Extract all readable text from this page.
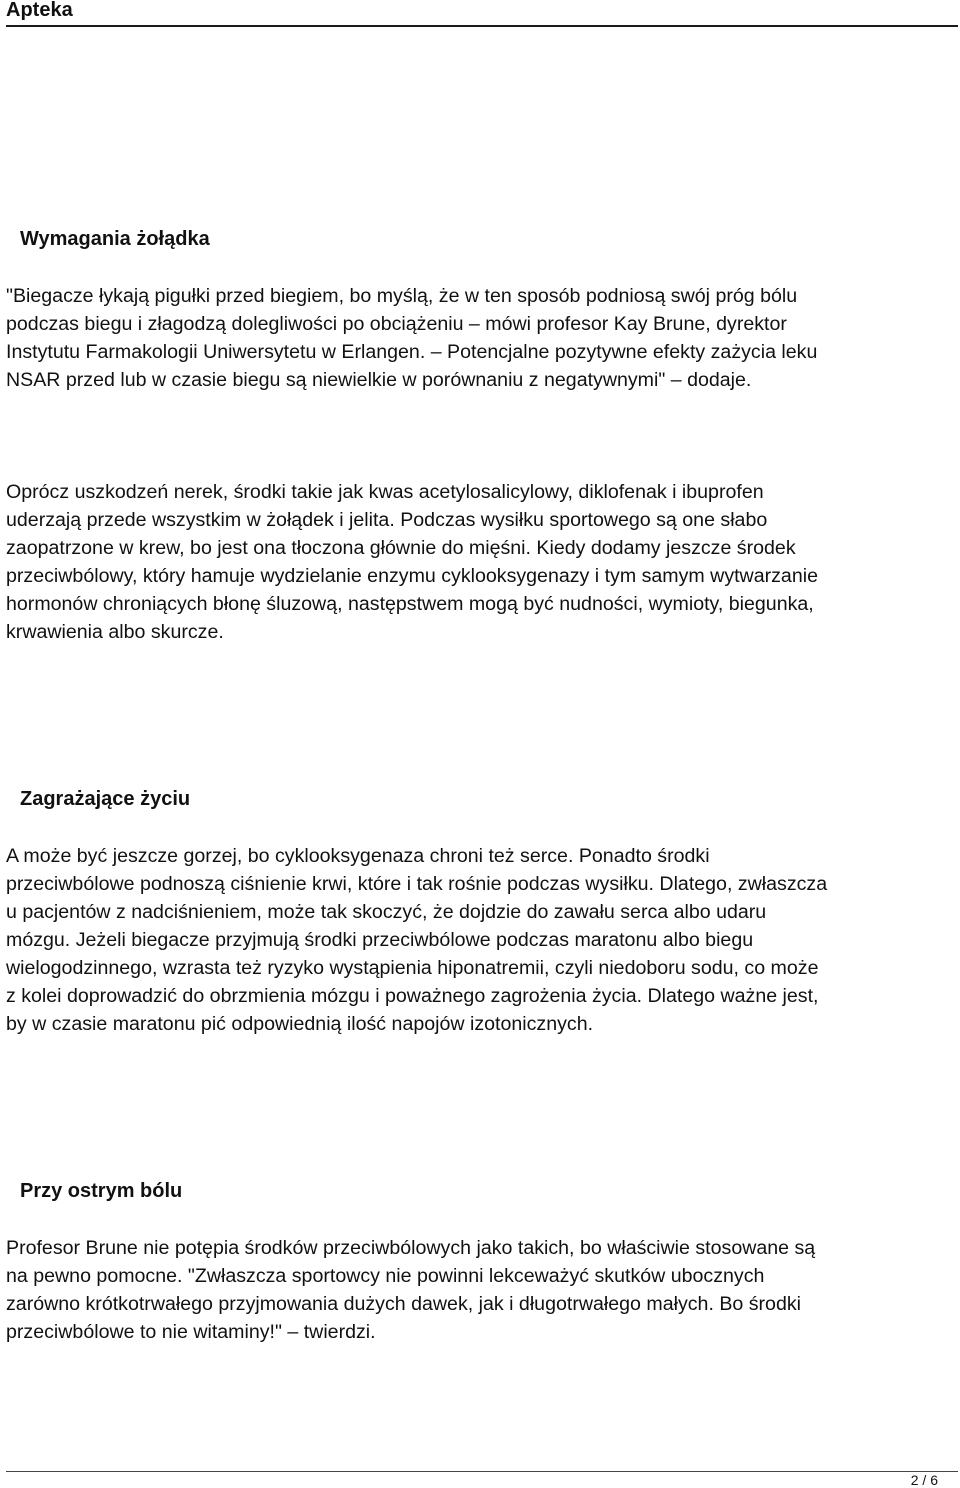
Apteka
Wymagania żołądka
"Biegacze łykają pigułki przed biegiem, bo myślą, że w ten sposób podniosą swój próg bólu
podczas biegu i złagodzą dolegliwości po obciążeniu – mówi profesor Kay Brune, dyrektor
Instytutu Farmakologii Uniwersytetu w Erlangen. – Potencjalne pozytywne efekty zażycia leku
NSAR przed lub w czasie biegu są niewielkie w porównaniu z negatywnymi" – dodaje.
Oprócz uszkodzeń nerek, środki takie jak kwas acetylosalicylowy, diklofenak i ibuprofen
uderzają przede wszystkim w żołądek i jelita. Podczas wysiłku sportowego są one słabo
zaopatrzone w krew, bo jest ona tłoczona głównie do mięśni. Kiedy dodamy jeszcze środek
przeciwbólowy, który hamuje wydzielanie enzymu cyklooksygenazy i tym samym wytwarzanie
hormonów chroniących błonę śluzową, następstwem mogą być nudności, wymioty, biegunka,
krwawienia albo skurcze.
Zagrażające życiu
A może być jeszcze gorzej, bo cyklooksygenaza chroni też serce. Ponadto środki
przeciwbólowe podnoszą ciśnienie krwi, które i tak rośnie podczas wysiłku. Dlatego, zwłaszcza
u pacjentów z nadciśnieniem, może tak skoczyć, że dojdzie do zawału serca albo udaru
mózgu. Jeżeli biegacze przyjmują środki przeciwbólowe podczas maratonu albo biegu
wielogodzinnego, wzrasta też ryzyko wystąpienia hiponatremii, czyli niedoboru sodu, co może
z kolei doprowadzić do obrzmienia mózgu i poważnego zagrożenia życia. Dlatego ważne jest,
by w czasie maratonu pić odpowiednią ilość napojów izotonicznych.
Przy ostrym bólu
Profesor Brune nie potępia środków przeciwbólowych jako takich, bo właściwie stosowane są
na pewno pomocne. "Zwłaszcza sportowcy nie powinni lekceważyć skutków ubocznych
zarówno krótkotrwałego przyjmowania dużych dawek, jak i długotrwałego małych. Bo środki
przeciwbólowe to nie witaminy!" – twierdzi.
2 / 6
